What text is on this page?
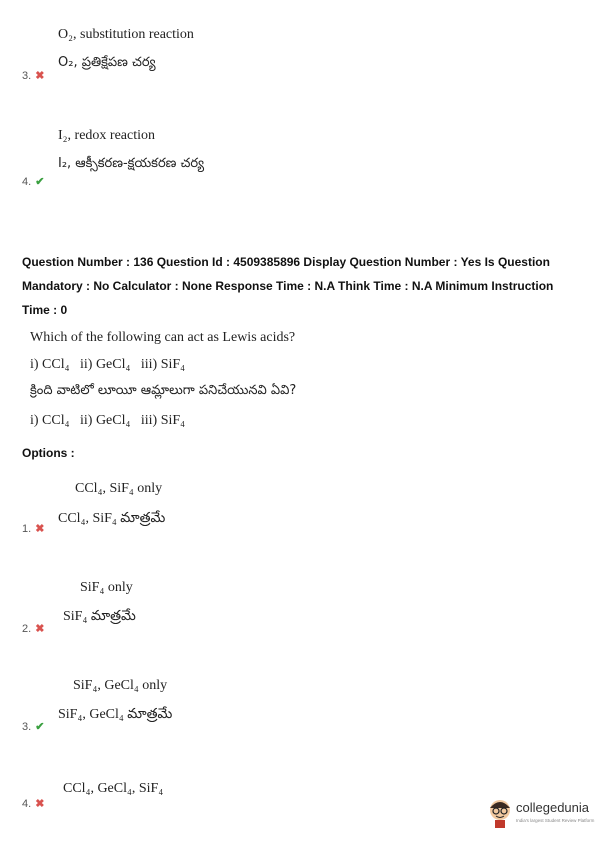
O₂, substitution reaction
O₂, ప్రతిక్షేపణ చర్య
3. ✖
I₂, redox reaction
I₂, ఆక్సీకరణ-క్షయకరణ చర్య
4. ✔
Question Number : 136 Question Id : 4509385896 Display Question Number : Yes Is Question Mandatory : No Calculator : None Response Time : N.A Think Time : N.A Minimum Instruction Time : 0
Which of the following can act as Lewis acids?
i) CCl₄   ii) GeCl₄   iii) SiF₄
క్రింది వాటిలో లూయీ ఆమ్లాలుగా పనిచేయునవి ఏవి?
i) CCl₄   ii) GeCl₄   iii) SiF₄
Options :
CCl₄, SiF₄ only
CCl₄, SiF₄ మాత్రమే
1. ✖
SiF₄ only
SiF₄ మాత్రమే
2. ✖
SiF₄, GeCl₄ only
SiF₄, GeCl₄ మాత్రమే
3. ✔
CCl₄, GeCl₄, SiF₄
4. ✖	collegedunia
India's largest Student Review Platform
